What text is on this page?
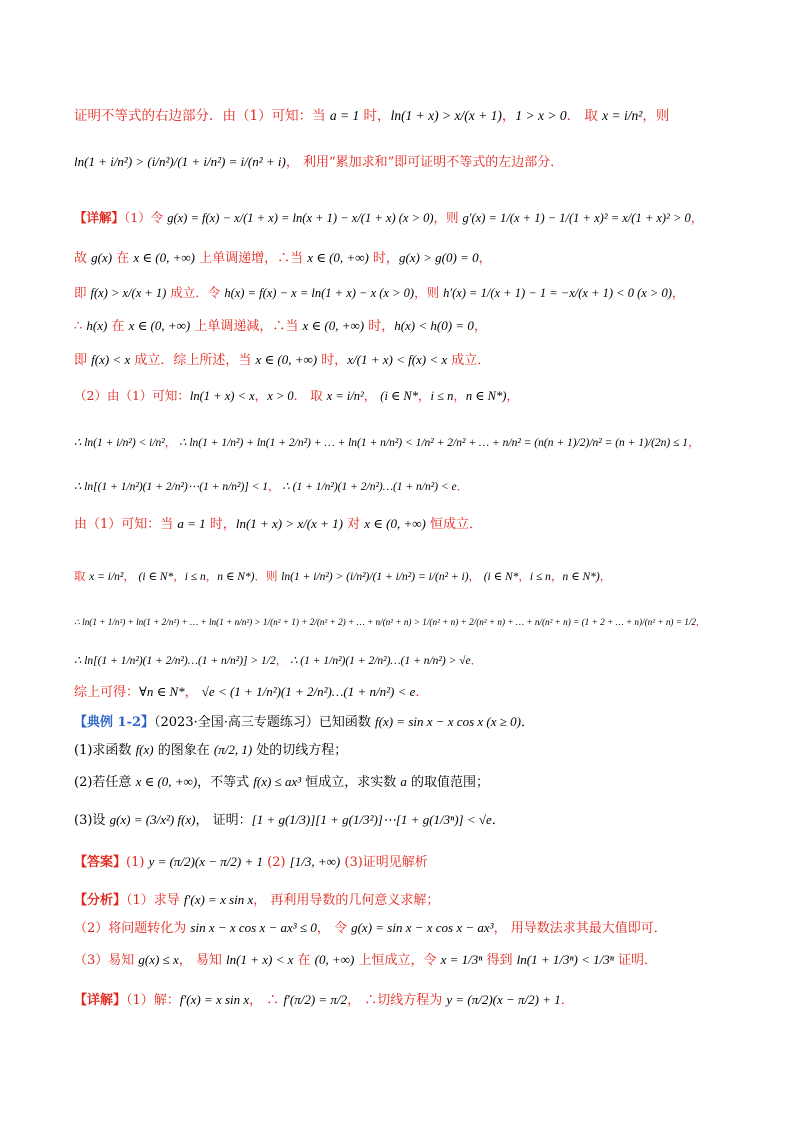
证明不等式的右边部分．由（1）可知：当 a = 1 时，ln(1 + x) > x/(x + 1)，1 > x > 0． 取 x = i/n²，则
ln(1 + i/n²) > (i/n²)/(1 + i/n²) = i/(n² + i)， 利用“累加求和”即可证明不等式的左边部分．
【详解】（1）令 g(x) = f(x) − x/(1 + x) = ln(x + 1) − x/(1 + x) (x > 0)，则 g′(x) = 1/(x + 1) − 1/(1 + x)² = x/(1 + x)² > 0，
故 g(x) 在 x ∈ (0, +∞) 上单调递增，∴当 x ∈ (0, +∞) 时，g(x) > g(0) = 0，
即 f(x) > x/(x + 1) 成立．令 h(x) = f(x) − x = ln(1 + x) − x (x > 0)，则 h′(x) = 1/(x + 1) − 1 = −x/(x + 1) < 0 (x > 0)，
∴ h(x) 在 x ∈ (0, +∞) 上单调递减，∴当 x ∈ (0, +∞) 时，h(x) < h(0) = 0，
即 f(x) < x 成立．综上所述，当 x ∈ (0, +∞) 时，x/(1 + x) < f(x) < x 成立．
（2）由（1）可知：ln(1 + x) < x，x > 0． 取 x = i/n²， (i ∈ N*，i ≤ n，n ∈ N*)，
∴ ln(1 + i/n²) < i/n²， ∴ ln(1 + 1/n²) + ln(1 + 2/n²) + … + ln(1 + n/n²) < 1/n² + 2/n² + … + n/n² = (n(n + 1)/2)/n² = (n + 1)/(2n) ≤ 1，
∴ ln[(1 + 1/n²)(1 + 2/n²)⋯(1 + n/n²)] < 1， ∴ (1 + 1/n²)(1 + 2/n²)…(1 + n/n²) < e．
由（1）可知：当 a = 1 时，ln(1 + x) > x/(x + 1) 对 x ∈ (0, +∞) 恒成立．
取 x = i/n²， (i ∈ N*，i ≤ n，n ∈ N*)．则 ln(1 + i/n²) > (i/n²)/(1 + i/n²) = i/(n² + i)， (i ∈ N*，i ≤ n，n ∈ N*)，
∴ ln(1 + 1/n²) + ln(1 + 2/n²) + … + ln(1 + n/n²) > 1/(n² + 1) + 2/(n² + 2) + … + n/(n² + n) > 1/(n² + n) + 2/(n² + n) + … + n/(n² + n) = (1 + 2 + … + n)/(n² + n) = 1/2，
∴ ln[(1 + 1/n²)(1 + 2/n²)…(1 + n/n²)] > 1/2， ∴ (1 + 1/n²)(1 + 2/n²)…(1 + n/n²) > √e．
综上可得：∀n ∈ N*， √e < (1 + 1/n²)(1 + 2/n²)…(1 + n/n²) < e．
【典例 1-2】（2023·全国·高三专题练习）已知函数 f(x) = sin x − x cos x (x ≥ 0)．
(1)求函数 f(x) 的图象在 (π/2, 1) 处的切线方程；
(2)若任意 x ∈ (0, +∞)，不等式 f(x) ≤ ax³ 恒成立，求实数 a 的取值范围；
(3)设 g(x) = (3/x²) f(x)， 证明：[1 + g(1/3)][1 + g(1/3²)]⋯[1 + g(1/3ⁿ)] < √e．
【答案】(1) y = (π/2)(x − π/2) + 1 (2) [1/3, +∞) (3)证明见解析
【分析】（1）求导 f′(x) = x sin x， 再利用导数的几何意义求解；
（2）将问题转化为 sin x − x cos x − ax³ ≤ 0， 令 g(x) = sin x − x cos x − ax³， 用导数法求其最大值即可．
（3）易知 g(x) ≤ x， 易知 ln(1 + x) < x 在 (0, +∞) 上恒成立，令 x = 1/3ⁿ 得到 ln(1 + 1/3ⁿ) < 1/3ⁿ 证明．
【详解】（1）解：f′(x) = x sin x， ∴ f′(π/2) = π/2， ∴切线方程为 y = (π/2)(x − π/2) + 1．
